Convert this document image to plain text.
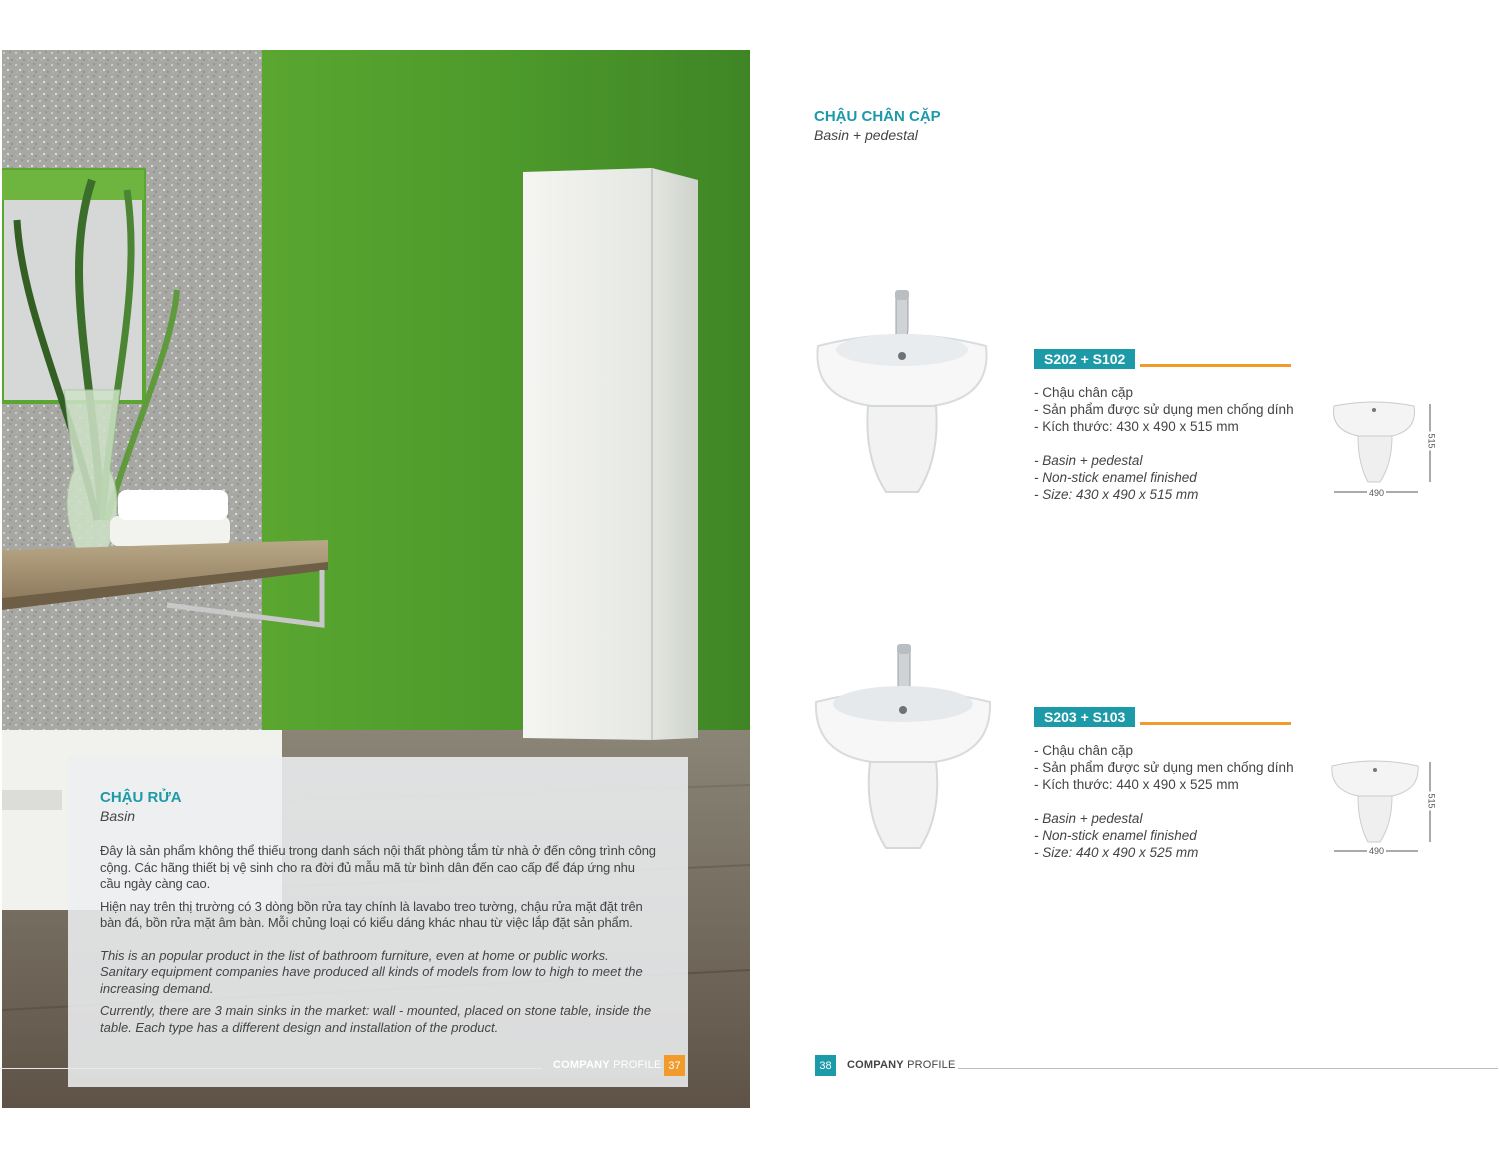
CHẬU RỬA
Basin

Đây là sản phẩm không thể thiếu trong danh sách nội thất phòng tắm từ nhà ở đến công trình công cộng. Các hãng thiết bị vệ sinh cho ra đời đủ mẫu mã từ bình dân đến cao cấp để đáp ứng nhu cầu ngày càng cao.

Hiện nay trên thị trường có 3 dòng bồn rửa tay chính là lavabo treo tường, chậu rửa mặt đặt trên bàn đá, bồn rửa mặt âm bàn. Mỗi chủng loại có kiểu dáng khác nhau từ việc lắp đặt sản phẩm.

This is an popular product in the list of bathroom furniture, even at home or public works. Sanitary equipment companies have produced all kinds of models from low to high to meet the increasing demand.

Currently, there are 3 main sinks in the market: wall - mounted, placed on stone table, inside the table. Each type has a different design and installation of the product.

COMPANY PROFILE 37
CHẬU CHÂN CẶP
Basin + pedestal
S202 + S102
- Chậu chân cặp
- Sản phẩm được sử dụng men chống dính
- Kích thước: 430 x 490 x 515 mm
- Basin + pedestal
- Non-stick enamel finished
- Size: 430 x 490 x 515 mm	490
515
S203 + S103
- Chậu chân cặp
- Sản phẩm được sử dụng men chống dính
- Kích thước: 440 x 490 x 525 mm
- Basin + pedestal
- Non-stick enamel finished
- Size: 440 x 490 x 525 mm	490
515
38	COMPANY PROFILE
